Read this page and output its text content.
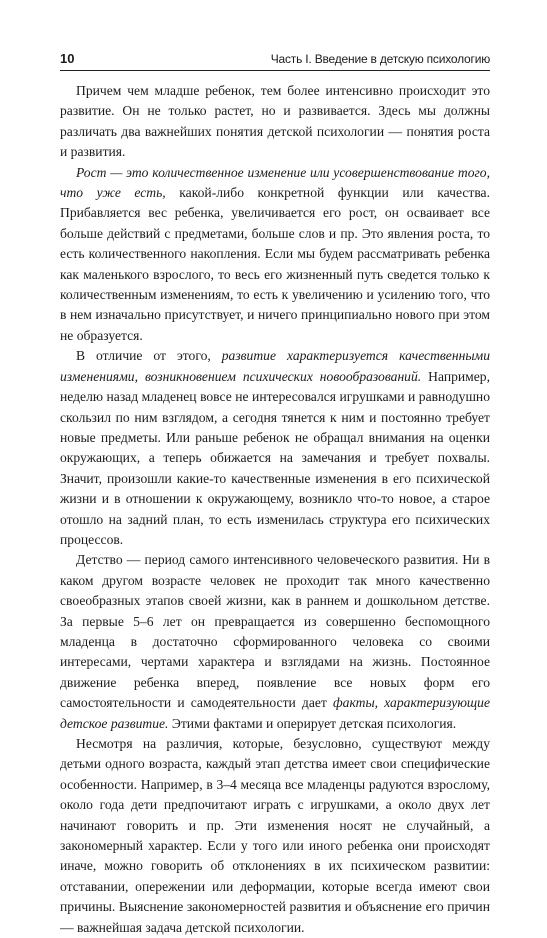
10	Часть I. Введение в детскую психологию

Причем чем младше ребенок, тем более интенсивно происходит это развитие. Он не только растет, но и развивается. Здесь мы должны различать два важнейших понятия детской психологии — понятия роста и развития.

Рост — это количественное изменение или усовершенствование того, что уже есть, какой-либо конкретной функции или качества. Прибавляется вес ребенка, увеличивается его рост, он осваивает все больше действий с предметами, больше слов и пр. Это явления роста, то есть количественного накопления. Если мы будем рассматривать ребенка как маленького взрослого, то весь его жизненный путь сведется только к количественным изменениям, то есть к увеличению и усилению того, что в нем изначально присутствует, и ничего принципиально нового при этом не образуется.

В отличие от этого, развитие характеризуется качественными изменениями, возникновением психических новообразований. Например, неделю назад младенец вовсе не интересовался игрушками и равнодушно скользил по ним взглядом, а сегодня тянется к ним и постоянно требует новые предметы. Или раньше ребенок не обращал внимания на оценки окружающих, а теперь обижается на замечания и требует похвалы. Значит, произошли какие-то качественные изменения в его психической жизни и в отношении к окружающему, возникло что-то новое, а старое отошло на задний план, то есть изменилась структура его психических процессов.

Детство — период самого интенсивного человеческого развития. Ни в каком другом возрасте человек не проходит так много качественно своеобразных этапов своей жизни, как в раннем и дошкольном детстве. За первые 5–6 лет он превращается из совершенно беспомощного младенца в достаточно сформированного человека со своими интересами, чертами характера и взглядами на жизнь. Постоянное движение ребенка вперед, появление все новых форм его самостоятельности и самодеятельности дает факты, характеризующие детское развитие. Этими фактами и оперирует детская психология.

Несмотря на различия, которые, безусловно, существуют между детьми одного возраста, каждый этап детства имеет свои специфические особенности. Например, в 3–4 месяца все младенцы радуются взрослому, около года дети предпочитают играть с игрушками, а около двух лет начинают говорить и пр. Эти изменения носят не случайный, а закономерный характер. Если у того или иного ребенка они происходят иначе, можно говорить об отклонениях в их психическом развитии: отставании, опережении или деформации, которые всегда имеют свои причины. Выяснение закономерностей развития и объяснение его причин — важнейшая задача детской психологии.
